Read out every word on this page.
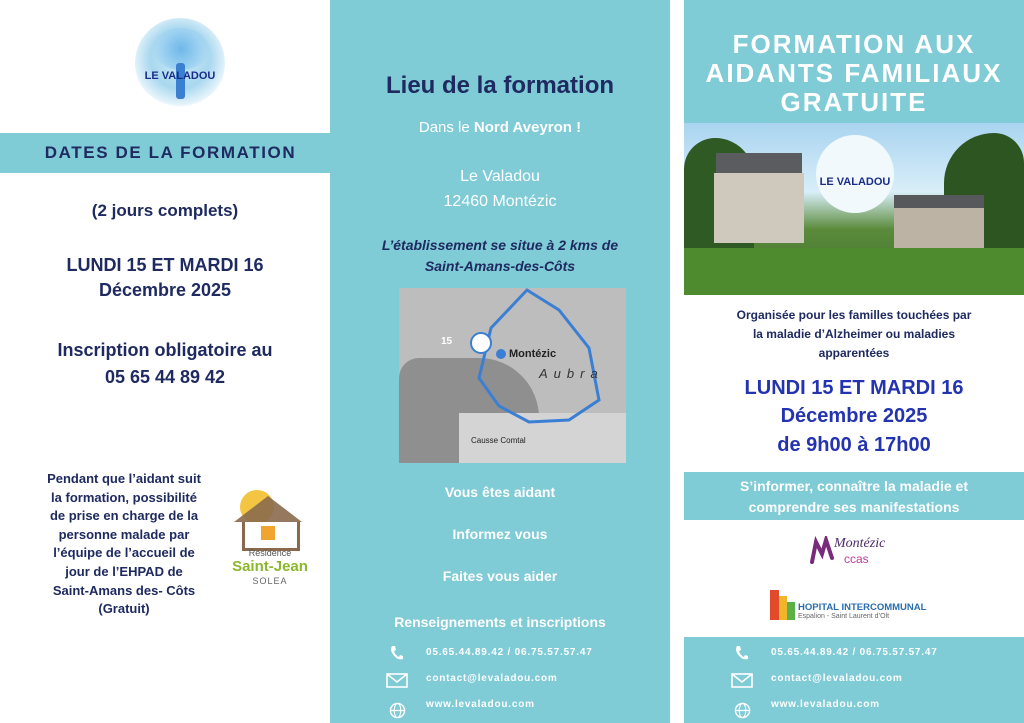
LE VALADOU
DATES DE LA FORMATION
(2 jours complets)
LUNDI 15 ET MARDI 16
Décembre 2025
Inscription obligatoire au
05 65 44 89 42
Pendant que l’aidant suit
la formation, possibilité
de prise en charge de la
personne malade par
l’équipe de l’accueil de
jour de l’EHPAD de
Saint-Amans des- Côts
(Gratuit)
Résidence
Saint-Jean
SOLEA
Lieu de la formation
Dans le Nord Aveyron !
Le Valadou
12460 Montézic
L’établissement se situe à 2 kms de
Saint-Amans-des-Côts
15
Montézic
Aubra
Causse Comtal
Vous êtes aidant
Informez vous
Faites vous aider
Renseignements et inscriptions
05.65.44.89.42 / 06.75.57.57.47
contact@levaladou.com
www.levaladou.com
FORMATION AUX
AIDANTS FAMILIAUX
GRATUITE
LE VALADOU
Organisée pour les familles touchées par
la maladie d’Alzheimer ou maladies
apparentées
LUNDI 15 ET MARDI 16
Décembre 2025
de 9h00 à 17h00
S’informer, connaître la maladie et
comprendre ses manifestations
Montézic
ccas
HOPITAL INTERCOMMUNAL
Espalion - Saint Laurent d’Olt
05.65.44.89.42 / 06.75.57.57.47
contact@levaladou.com
www.levaladou.com
